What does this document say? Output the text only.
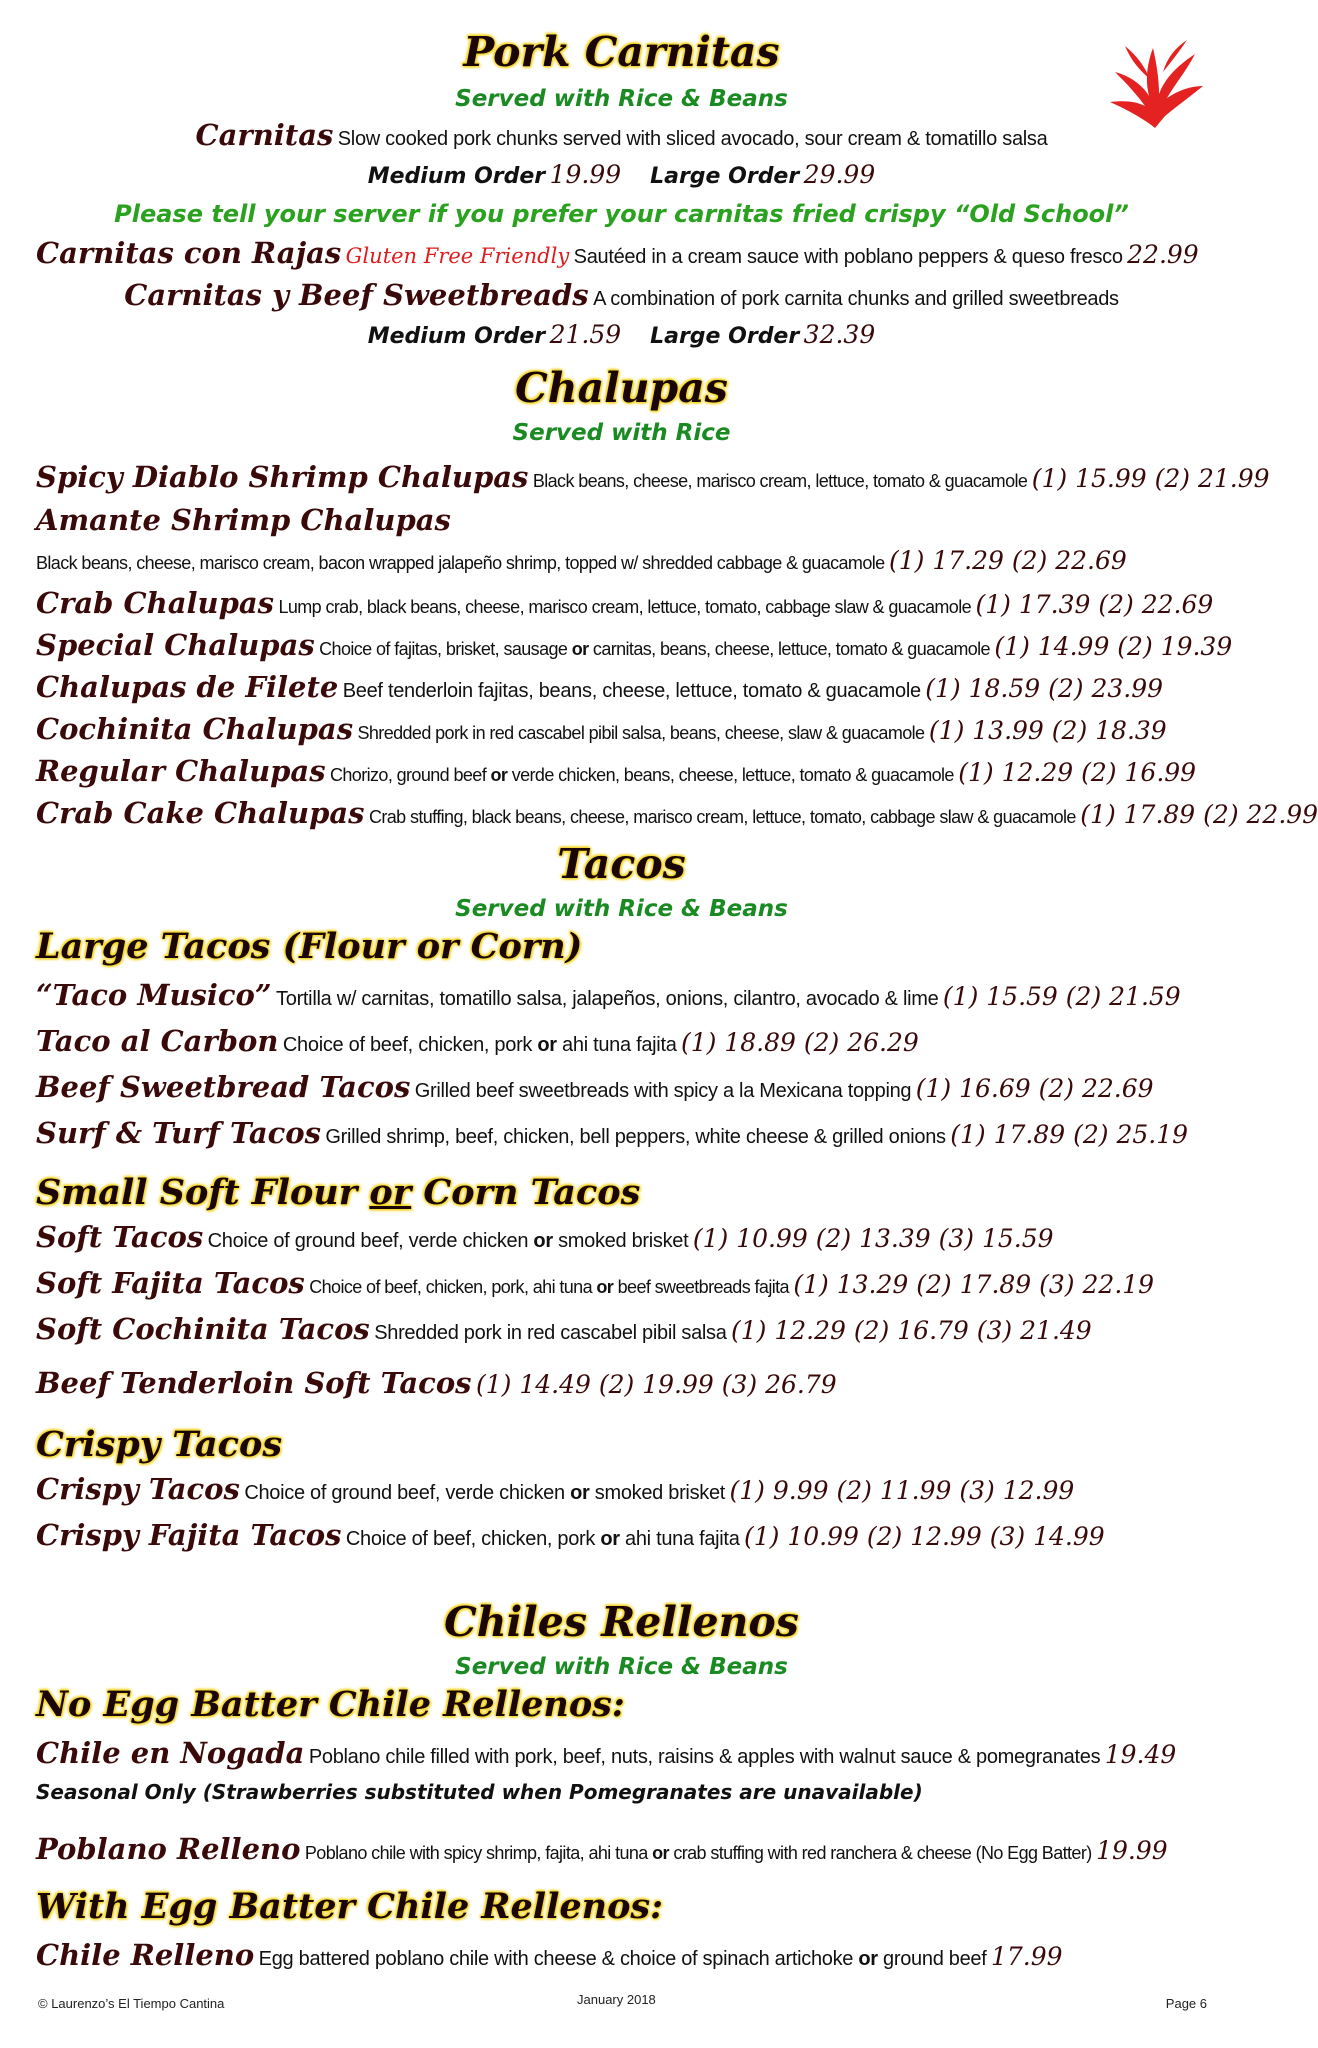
Pork Carnitas
Served with Rice & Beans
Carnitas Slow cooked pork chunks served with sliced avocado, sour cream & tomatillo salsa
Medium Order 19.99 Large Order 29.99
Please tell your server if you prefer your carnitas fried crispy “Old School”
Carnitas con Rajas Gluten Free Friendly Sautéed in a cream sauce with poblano peppers & queso fresco 22.99
Carnitas y Beef Sweetbreads A combination of pork carnita chunks and grilled sweetbreads
Medium Order 21.59 Large Order 32.39
Chalupas
Served with Rice
Spicy Diablo Shrimp Chalupas Black beans, cheese, marisco cream, lettuce, tomato & guacamole (1) 15.99 (2) 21.99
Amante Shrimp Chalupas
Black beans, cheese, marisco cream, bacon wrapped jalapeño shrimp, topped w/ shredded cabbage & guacamole (1) 17.29 (2) 22.69
Crab Chalupas Lump crab, black beans, cheese, marisco cream, lettuce, tomato, cabbage slaw & guacamole (1) 17.39 (2) 22.69
Special Chalupas Choice of fajitas, brisket, sausage or carnitas, beans, cheese, lettuce, tomato & guacamole (1) 14.99 (2) 19.39
Chalupas de Filete Beef tenderloin fajitas, beans, cheese, lettuce, tomato & guacamole (1) 18.59 (2) 23.99
Cochinita Chalupas Shredded pork in red cascabel pibil salsa, beans, cheese, slaw & guacamole (1) 13.99 (2) 18.39
Regular Chalupas Chorizo, ground beef or verde chicken, beans, cheese, lettuce, tomato & guacamole (1) 12.29 (2) 16.99
Crab Cake Chalupas Crab stuffing, black beans, cheese, marisco cream, lettuce, tomato, cabbage slaw & guacamole (1) 17.89 (2) 22.99
Tacos
Served with Rice & Beans
Large Tacos (Flour or Corn)
“Taco Musico” Tortilla w/ carnitas, tomatillo salsa, jalapeños, onions, cilantro, avocado & lime (1) 15.59 (2) 21.59
Taco al Carbon Choice of beef, chicken, pork or ahi tuna fajita (1) 18.89 (2) 26.29
Beef Sweetbread Tacos Grilled beef sweetbreads with spicy a la Mexicana topping (1) 16.69 (2) 22.69
Surf & Turf Tacos Grilled shrimp, beef, chicken, bell peppers, white cheese & grilled onions (1) 17.89 (2) 25.19
Small Soft Flour or Corn Tacos
Soft Tacos Choice of ground beef, verde chicken or smoked brisket (1) 10.99 (2) 13.39 (3) 15.59
Soft Fajita Tacos Choice of beef, chicken, pork, ahi tuna or beef sweetbreads fajita (1) 13.29 (2) 17.89 (3) 22.19
Soft Cochinita Tacos Shredded pork in red cascabel pibil salsa (1) 12.29 (2) 16.79 (3) 21.49
Beef Tenderloin Soft Tacos (1) 14.49 (2) 19.99 (3) 26.79
Crispy Tacos
Crispy Tacos Choice of ground beef, verde chicken or smoked brisket (1) 9.99 (2) 11.99 (3) 12.99
Crispy Fajita Tacos Choice of beef, chicken, pork or ahi tuna fajita (1) 10.99 (2) 12.99 (3) 14.99
Chiles Rellenos
Served with Rice & Beans
No Egg Batter Chile Rellenos:
Chile en Nogada Poblano chile filled with pork, beef, nuts, raisins & apples with walnut sauce & pomegranates 19.49
Seasonal Only (Strawberries substituted when Pomegranates are unavailable)
Poblano Relleno Poblano chile with spicy shrimp, fajita, ahi tuna or crab stuffing with red ranchera & cheese (No Egg Batter) 19.99
With Egg Batter Chile Rellenos:
Chile Relleno Egg battered poblano chile with cheese & choice of spinach artichoke or ground beef 17.99
© Laurenzo’s El Tiempo Cantina	January 2018	Page 6
